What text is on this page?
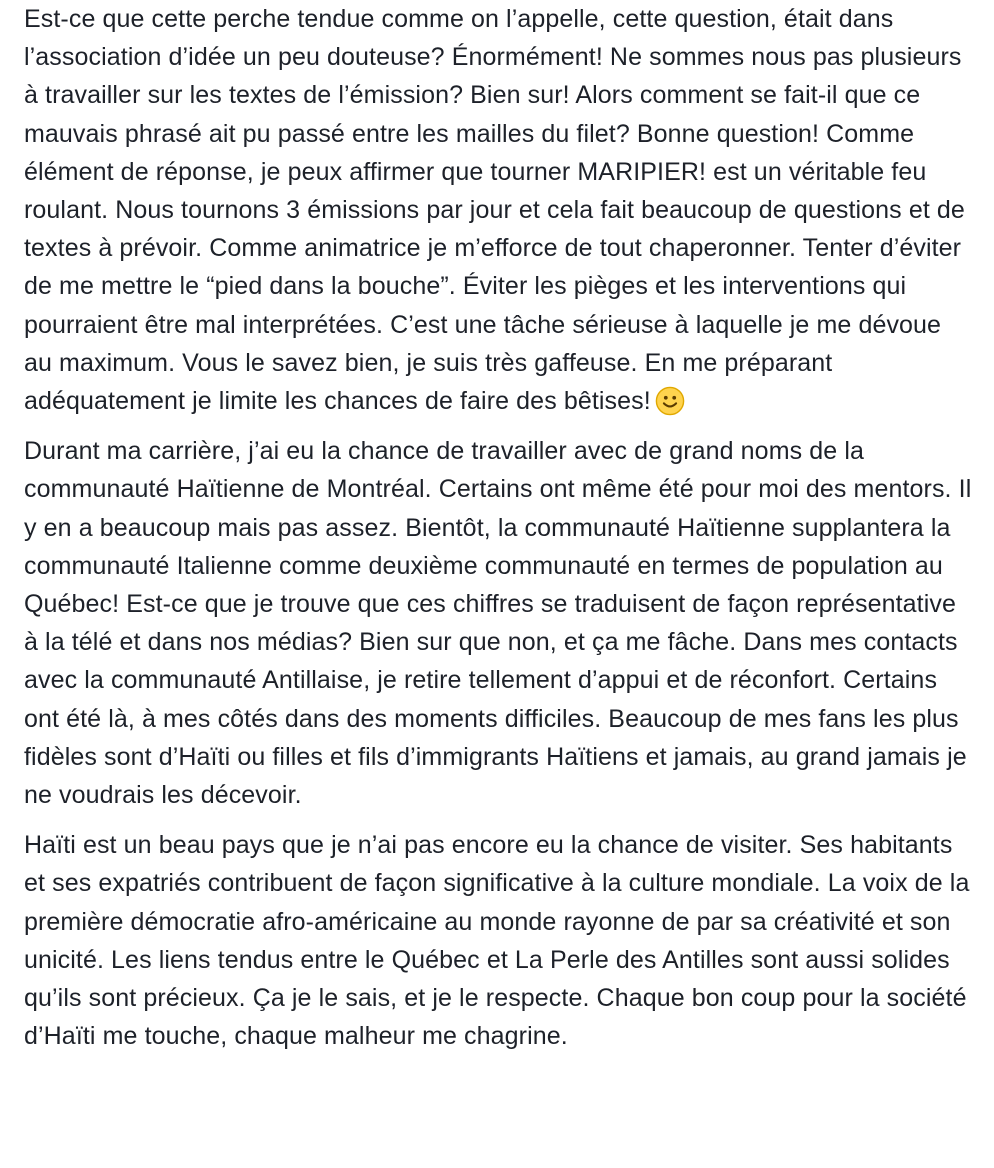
Est-ce que cette perche tendue comme on l’appelle, cette question, était dans l’association d’idée un peu douteuse? Énormément! Ne sommes nous pas plusieurs à travailler sur les textes de l’émission? Bien sur! Alors comment se fait-il que ce mauvais phrasé ait pu passé entre les mailles du filet? Bonne question! Comme élément de réponse, je peux affirmer que tourner MARIPIER! est un véritable feu roulant. Nous tournons 3 émissions par jour et cela fait beaucoup de questions et de textes à prévoir. Comme animatrice je m’efforce de tout chaperonner. Tenter d’éviter de me mettre le “pied dans la bouche”. Éviter les pièges et les interventions qui pourraient être mal interprétées. C’est une tâche sérieuse à laquelle je me dévoue au maximum. Vous le savez bien, je suis très gaffeuse. En me préparant adéquatement je limite les chances de faire des bêtises!

Durant ma carrière, j’ai eu la chance de travailler avec de grand noms de la communauté Haïtienne de Montréal. Certains ont même été pour moi des mentors. Il y en a beaucoup mais pas assez. Bientôt, la communauté Haïtienne supplantera la communauté Italienne comme deuxième communauté en termes de population au Québec! Est-ce que je trouve que ces chiffres se traduisent de façon représentative à la télé et dans nos médias? Bien sur que non, et ça me fâche. Dans mes contacts avec la communauté Antillaise, je retire tellement d’appui et de réconfort. Certains ont été là, à mes côtés dans des moments difficiles. Beaucoup de mes fans les plus fidèles sont d’Haïti ou filles et fils d’immigrants Haïtiens et jamais, au grand jamais je ne voudrais les décevoir.

Haïti est un beau pays que je n’ai pas encore eu la chance de visiter. Ses habitants et ses expatriés contribuent de façon significative à la culture mondiale. La voix de la première démocratie afro-américaine au monde rayonne de par sa créativité et son unicité. Les liens tendus entre le Québec et La Perle des Antilles sont aussi solides qu’ils sont précieux. Ça je le sais, et je le respecte. Chaque bon coup pour la société d’Haïti me touche, chaque malheur me chagrine.
